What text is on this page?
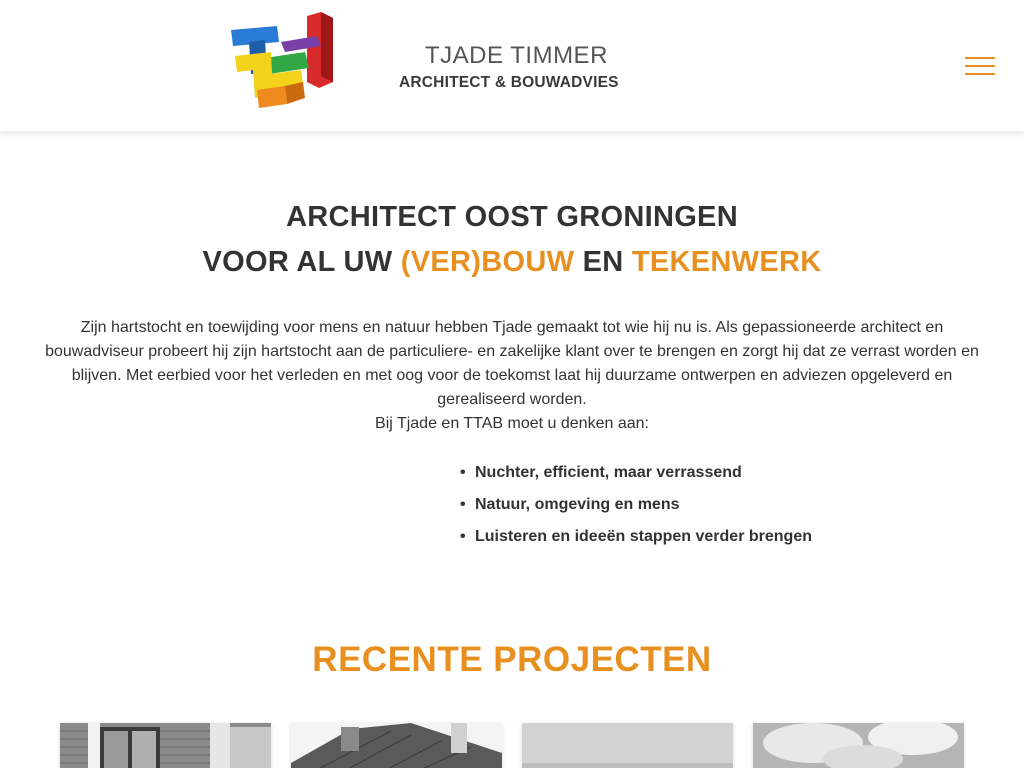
TJADE TIMMER
ARCHITECT & BOUWADVIES
ARCHITECT OOST GRONINGEN
VOOR AL UW (VER)BOUW EN TEKENWERK

Zijn hartstocht en toewijding voor mens en natuur hebben Tjade gemaakt tot wie hij nu is. Als gepassioneerde architect en bouwadviseur probeert hij zijn hartstocht aan de particuliere- en zakelijke klant over te brengen en zorgt hij dat ze verrast worden en blijven. Met eerbied voor het verleden en met oog voor de toekomst laat hij duurzame ontwerpen en adviezen opgeleverd en gerealiseerd worden.

Bij Tjade en TTAB moet u denken aan:

• Nuchter, efficient, maar verrassend
• Natuur, omgeving en mens
• Luisteren en ideeën stappen verder brengen
RECENTE PROJECTEN
